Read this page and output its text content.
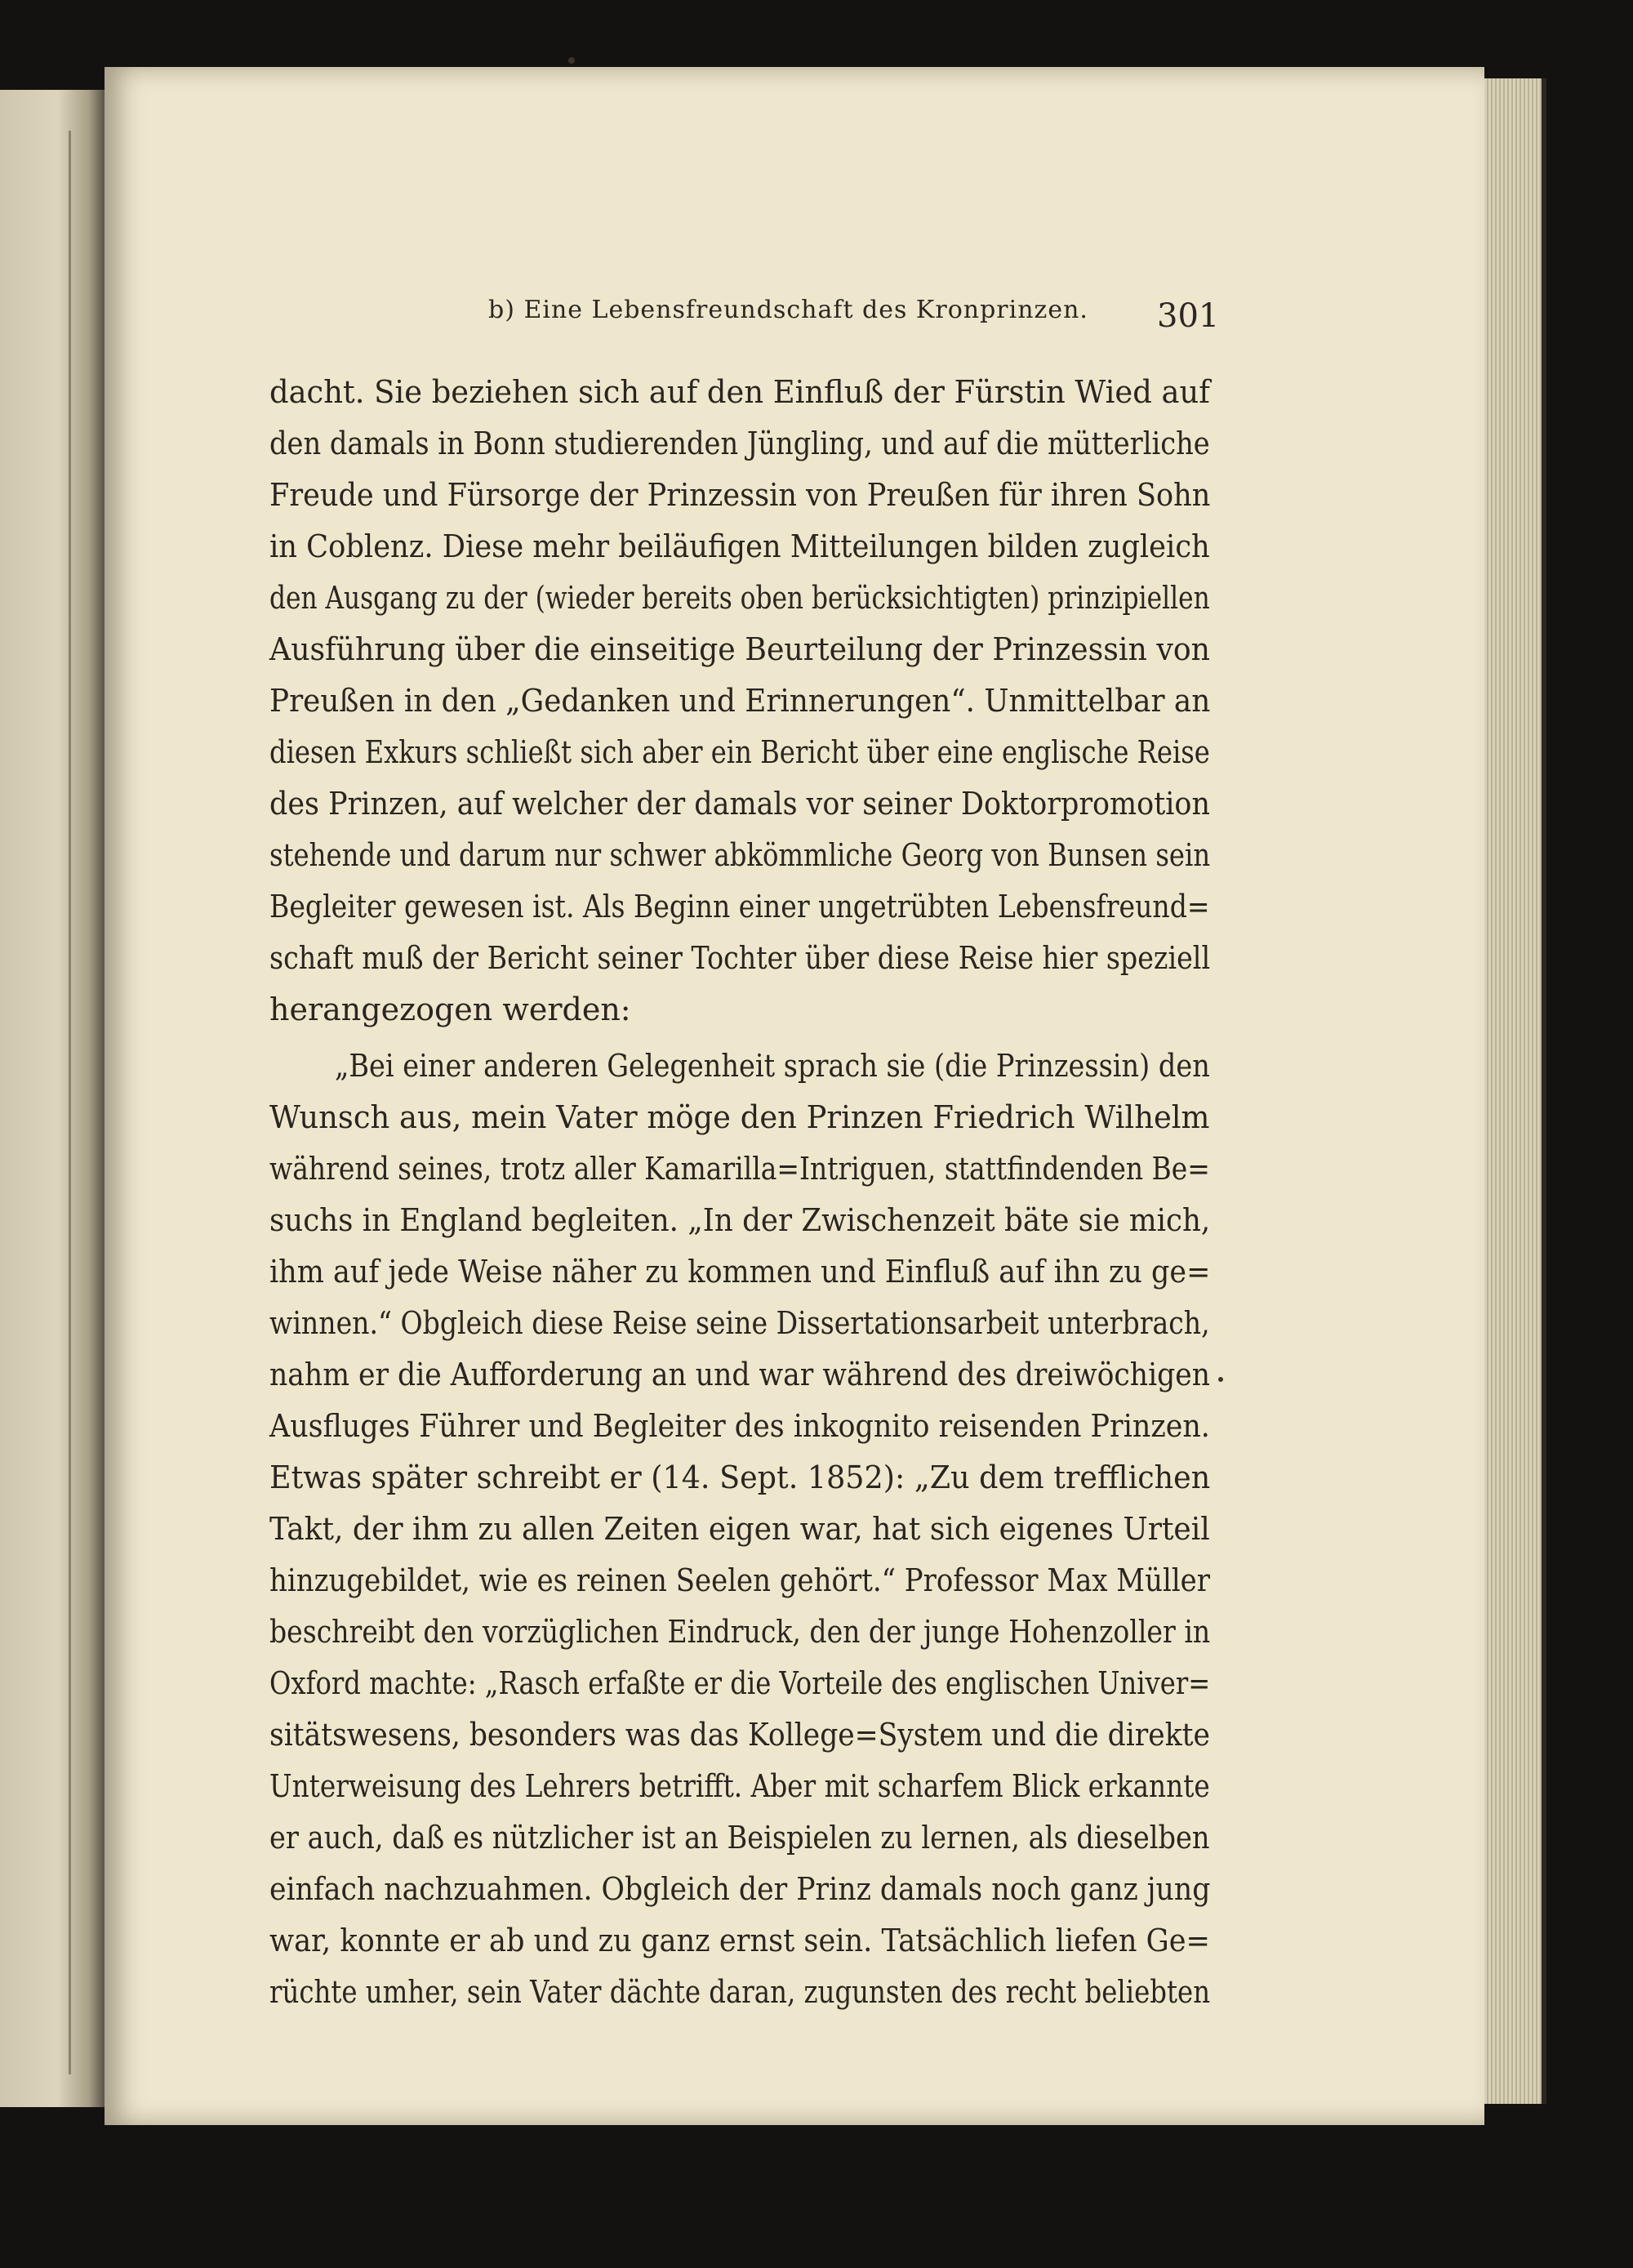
b) Eine Lebensfreundschaft des Kronprinzen. 301
dacht. Sie beziehen sich auf den Einfluß der Fürstin Wied auf
den damals in Bonn studierenden Jüngling, und auf die mütterliche
Freude und Fürsorge der Prinzessin von Preußen für ihren Sohn
in Coblenz. Diese mehr beiläufigen Mitteilungen bilden zugleich
den Ausgang zu der (wieder bereits oben berücksichtigten) prinzipiellen
Ausführung über die einseitige Beurteilung der Prinzessin von
Preußen in den „Gedanken und Erinnerungen“. Unmittelbar an
diesen Exkurs schließt sich aber ein Bericht über eine englische Reise
des Prinzen, auf welcher der damals vor seiner Doktorpromotion
stehende und darum nur schwer abkömmliche Georg von Bunsen sein
Begleiter gewesen ist. Als Beginn einer ungetrübten Lebensfreund=
schaft muß der Bericht seiner Tochter über diese Reise hier speziell
herangezogen werden:
„Bei einer anderen Gelegenheit sprach sie (die Prinzessin) den
Wunsch aus, mein Vater möge den Prinzen Friedrich Wilhelm
während seines, trotz aller Kamarilla=Intriguen, stattfindenden Be=
suchs in England begleiten. „In der Zwischenzeit bäte sie mich,
ihm auf jede Weise näher zu kommen und Einfluß auf ihn zu ge=
winnen.“ Obgleich diese Reise seine Dissertationsarbeit unterbrach,
nahm er die Aufforderung an und war während des dreiwöchigen
Ausfluges Führer und Begleiter des inkognito reisenden Prinzen.
Etwas später schreibt er (14. Sept. 1852): „Zu dem trefflichen
Takt, der ihm zu allen Zeiten eigen war, hat sich eigenes Urteil
hinzugebildet, wie es reinen Seelen gehört.“ Professor Max Müller
beschreibt den vorzüglichen Eindruck, den der junge Hohenzoller in
Oxford machte: „Rasch erfaßte er die Vorteile des englischen Univer=
sitätswesens, besonders was das Kollege=System und die direkte
Unterweisung des Lehrers betrifft. Aber mit scharfem Blick erkannte
er auch, daß es nützlicher ist an Beispielen zu lernen, als dieselben
einfach nachzuahmen. Obgleich der Prinz damals noch ganz jung
war, konnte er ab und zu ganz ernst sein. Tatsächlich liefen Ge=
rüchte umher, sein Vater dächte daran, zugunsten des recht beliebten
